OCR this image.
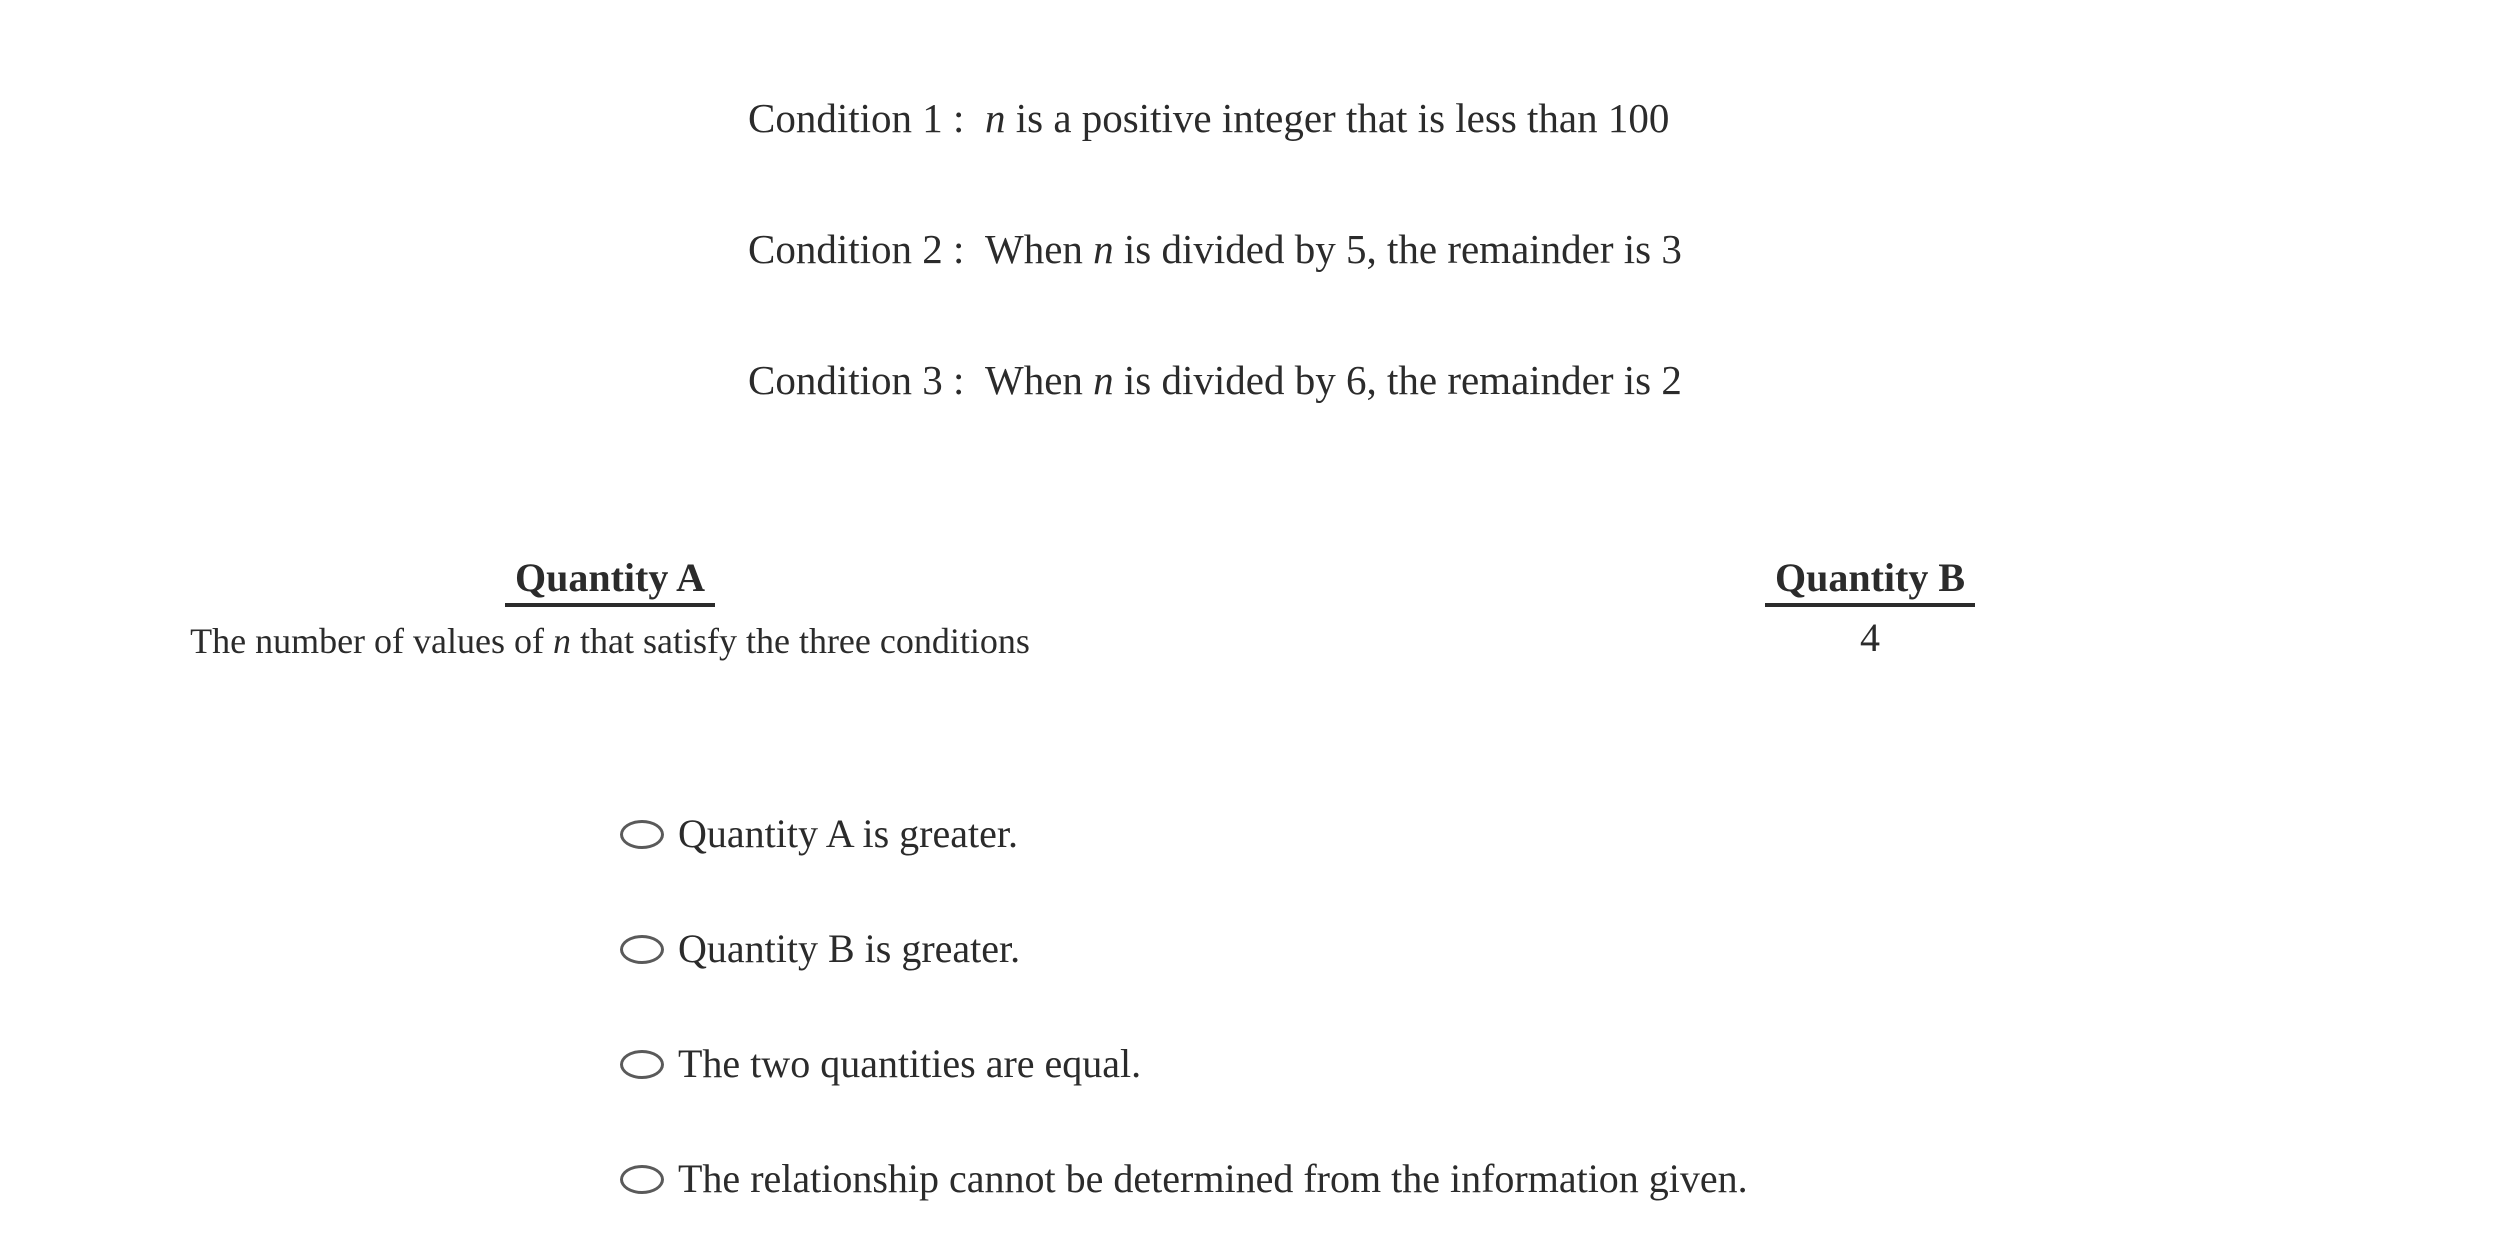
Condition 1 : n is a positive integer that is less than 100
Condition 2 : When n is divided by 5, the remainder is 3
Condition 3 : When n is divided by 6, the remainder is 2
Quantity A
The number of values of n that satisfy the three conditions
Quantity B
4
Quantity A is greater.
Quantity B is greater.
The two quantities are equal.
The relationship cannot be determined from the information given.
